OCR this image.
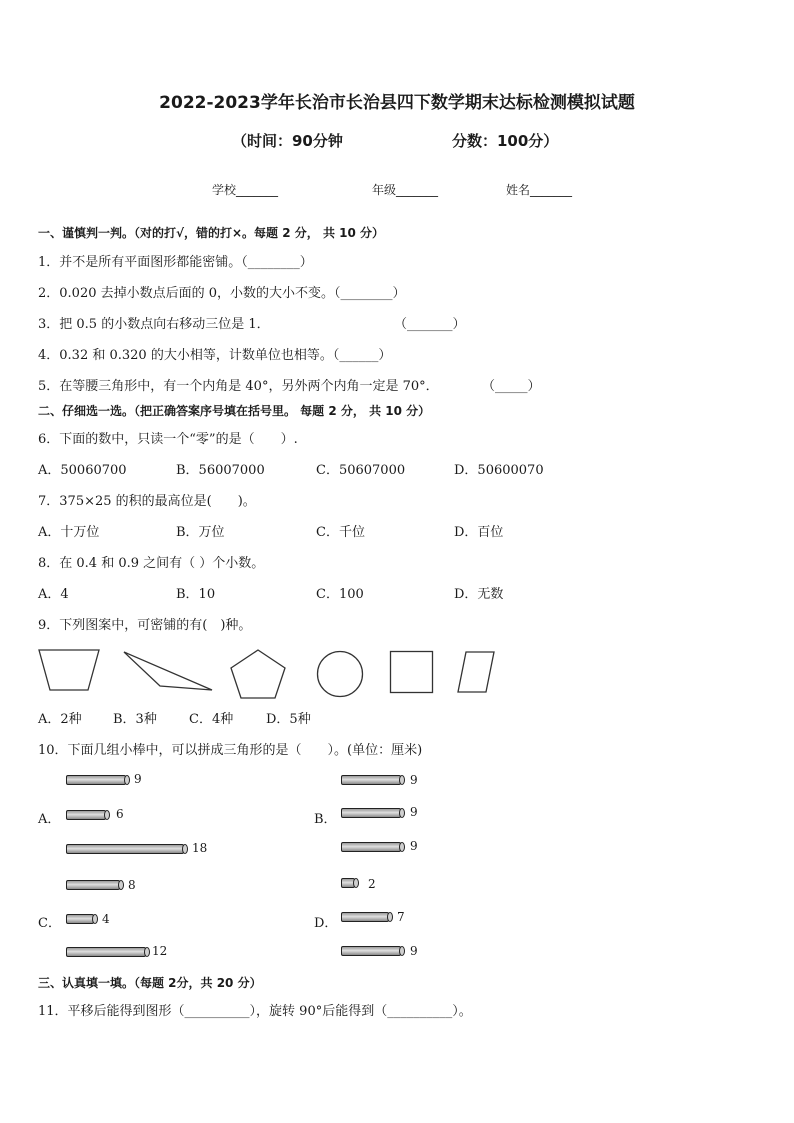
2022-2023学年长治市长治县四下数学期末达标检测模拟试题
（时间：90分钟	分数：100分）
学校_______	年级_______	姓名_______
一、谨慎判一判。（对的打√，错的打×。每题 2 分， 共 10 分）
1．并不是所有平面图形都能密铺。（________）
2．0.020 去掉小数点后面的 0，小数的大小不变。（________）
3．把 0.5 的小数点向右移动三位是 1．	（_______）
4．0.32 和 0.320 的大小相等，计数单位也相等。（______）
5．在等腰三角形中，有一个内角是 40°，另外两个内角一定是 70°．	（_____）
二、仔细选一选。（把正确答案序号填在括号里。 每题 2 分， 共 10 分）
6．下面的数中，只读一个“零”的是（　　）.
A．50060700	B．56007000	C．50607000	D．50600070
7．375×25 的积的最高位是(　　)。
A．十万位	B．万位	C．千位	D．百位
8．在 0.4 和 0.9 之间有（ ）个小数。
A．4	B．10	C．100	D．无数
9．下列图案中，可密铺的有(　)种。
A．2种 B．3种 C．4种	D．5种
10．下面几组小棒中，可以拼成三角形的是（　　）。(单位：厘米)
A．	B．
C．	D．
9
6
18
9
9
9
8
4
12
2
7
9
三、认真填一填。（每题 2分，共 20 分）
11．平移后能得到图形（__________），旋转 90°后能得到（__________）。
